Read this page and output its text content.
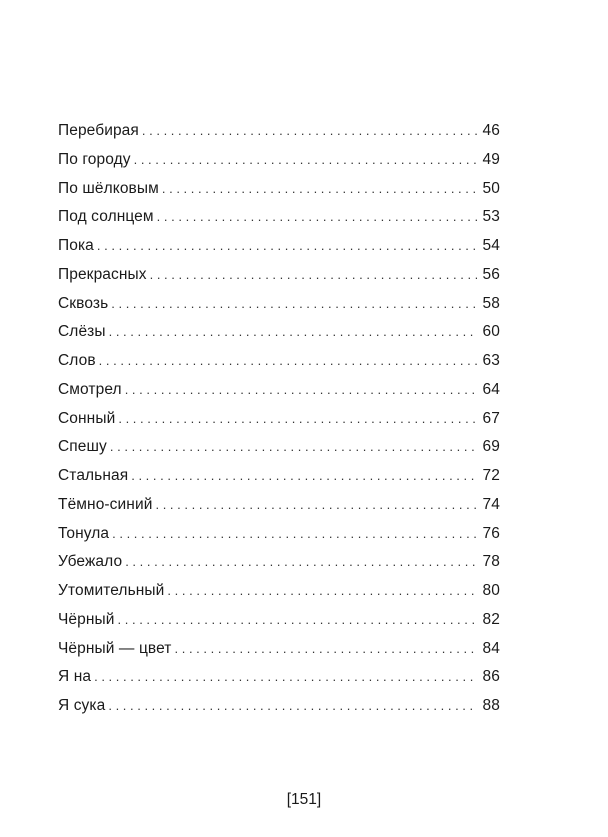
Перебирая . . .	46
По городу . . .	49
По шёлковым . . .	50
Под солнцем . . .	53
Пока . . .	54
Прекрасных . . .	56
Сквозь . . .	58
Слёзы . . .	60
Слов . . .	63
Смотрел . . .	64
Сонный . . .	67
Спешу . . .	69
Стальная . . .	72
Тёмно-синий . . .	74
Тонула . . .	76
Убежало . . .	78
Утомительный . . .	80
Чёрный . . .	82
Чёрный — цвет . . .	84
Я на . . .	86
Я сука . . .	88
[151]
